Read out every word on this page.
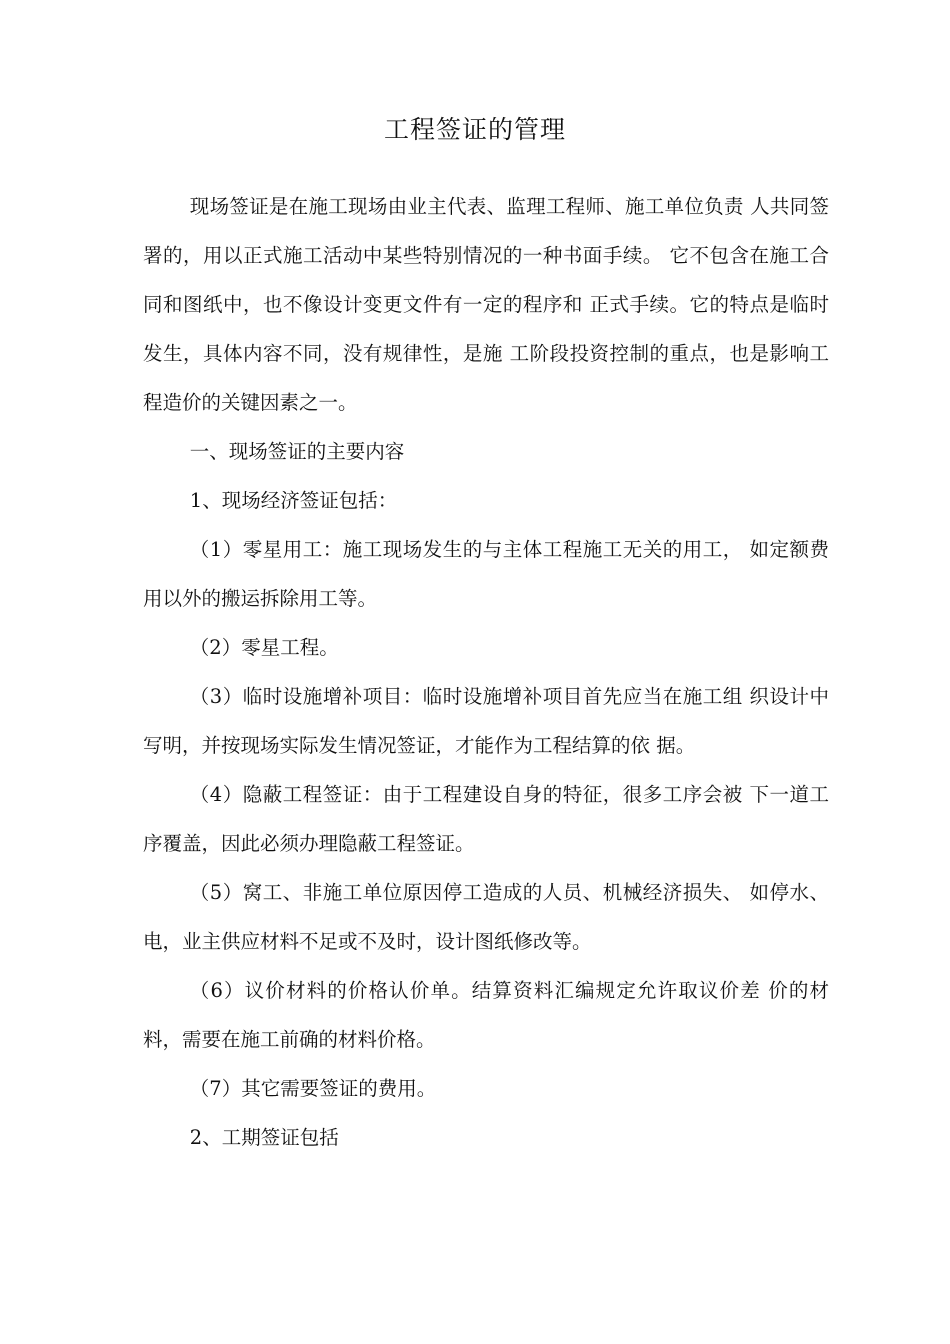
工程签证的管理

现场签证是在施工现场由业主代表、监理工程师、施工单位负责 人共同签署的，用以正式施工活动中某些特别情况的一种书面手续。 它不包含在施工合同和图纸中，也不像设计变更文件有一定的程序和 正式手续。它的特点是临时发生，具体内容不同，没有规律性，是施 工阶段投资控制的重点，也是影响工程造价的关键因素之一。

一、现场签证的主要内容

1、现场经济签证包括：

（1）零星用工：施工现场发生的与主体工程施工无关的用工， 如定额费用以外的搬运拆除用工等。

（2）零星工程。

（3）临时设施增补项目：临时设施增补项目首先应当在施工组 织设计中写明，并按现场实际发生情况签证，才能作为工程结算的依 据。

（4）隐蔽工程签证：由于工程建设自身的特征，很多工序会被 下一道工序覆盖，因此必须办理隐蔽工程签证。

（5）窝工、非施工单位原因停工造成的人员、机械经济损失、 如停水、电，业主供应材料不足或不及时，设计图纸修改等。

（6）议价材料的价格认价单。结算资料汇编规定允许取议价差 价的材料，需要在施工前确的材料价格。

（7）其它需要签证的费用。

2、工期签证包括
